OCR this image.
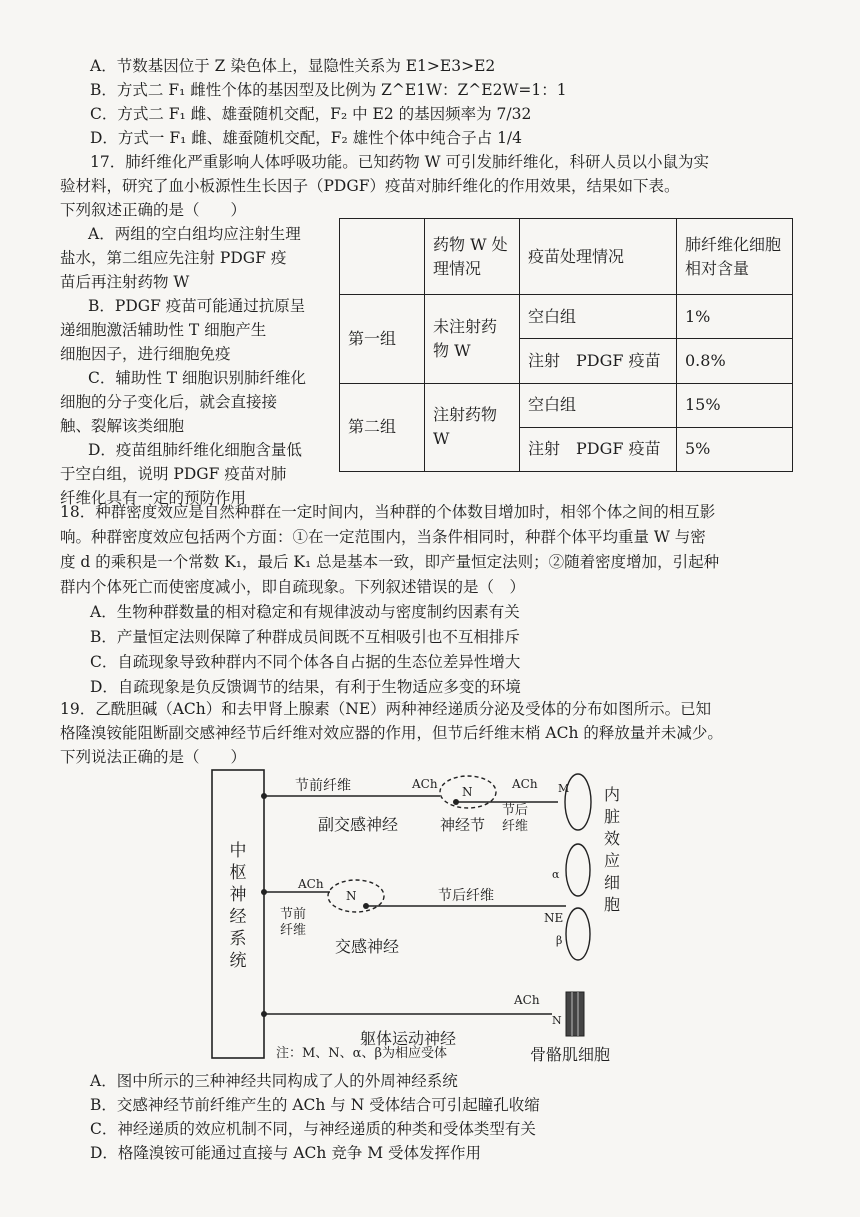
A．节数基因位于 Z 染色体上，显隐性关系为 E1>E3>E2
B．方式二 F₁ 雌性个体的基因型及比例为 Z^E1W：Z^E2W=1：1
C．方式二 F₁ 雌、雄蚕随机交配，F₂ 中 E2 的基因频率为 7/32
D．方式一 F₁ 雌、雄蚕随机交配，F₂ 雄性个体中纯合子占 1/4
17．肺纤维化严重影响人体呼吸功能。已知药物 W 可引发肺纤维化，科研人员以小鼠为实
验材料，研究了血小板源性生长因子（PDGF）疫苗对肺纤维化的作用效果，结果如下表。
下列叙述正确的是（　　）
A．两组的空白组均应注射生理
盐水，第二组应先注射 PDGF 疫
苗后再注射药物 W
B．PDGF 疫苗可能通过抗原呈
递细胞激活辅助性 T 细胞产生
细胞因子，进行细胞免疫
C．辅助性 T 细胞识别肺纤维化
细胞的分子变化后，就会直接接
触、裂解该类细胞
D．疫苗组肺纤维化细胞含量低
于空白组，说明 PDGF 疫苗对肺
纤维化具有一定的预防作用
	药物 W 处理情况	疫苗处理情况	肺纤维化细胞相对含量
第一组	未注射药物 W	空白组	1%
		注射　PDGF 疫苗	0.8%
第二组	注射药物 W	空白组	15%
		注射　PDGF 疫苗	5%
18．种群密度效应是自然种群在一定时间内，当种群的个体数目增加时，相邻个体之间的相互影
响。种群密度效应包括两个方面：①在一定范围内，当条件相同时，种群个体平均重量 W 与密
度 d 的乘积是一个常数 K₁，最后 K₁ 总是基本一致，即产量恒定法则；②随着密度增加，引起种
群内个体死亡而使密度减小，即自疏现象。下列叙述错误的是（　）
A．生物种群数量的相对稳定和有规律波动与密度制约因素有关
B．产量恒定法则保障了种群成员间既不互相吸引也不互相排斥
C．自疏现象导致种群内不同个体各自占据的生态位差异性增大
D．自疏现象是负反馈调节的结果，有利于生物适应多变的环境
19．乙酰胆碱（ACh）和去甲肾上腺素（NE）两种神经递质分泌及受体的分布如图所示。已知
格隆溴铵能阻断副交感神经节后纤维对效应器的作用，但节后纤维末梢 ACh 的释放量并未减少。
下列说法正确的是（　　）
中
枢
神
经
系
统
节前纤维	ACh
N
ACh M
节后
纤维
副交感神经	神经节
内
脏
效
应
细
胞
ACh
N
节前
纤维
节后纤维
交感神经
α
NE
β
ACh
N
躯体运动神经
注：M、N、α、β为相应受体	骨骼肌细胞
A．图中所示的三种神经共同构成了人的外周神经系统
B．交感神经节前纤维产生的 ACh 与 N 受体结合可引起瞳孔收缩
C．神经递质的效应机制不同，与神经递质的种类和受体类型有关
D．格隆溴铵可能通过直接与 ACh 竞争 M 受体发挥作用
